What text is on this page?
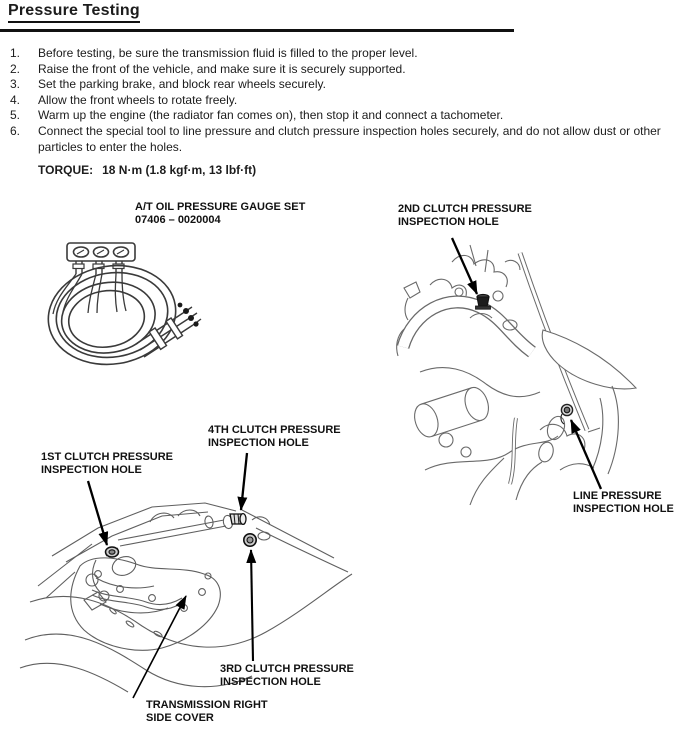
Pressure Testing
1.	Before testing, be sure the transmission fluid is filled to the proper level.
2.	Raise the front of the vehicle, and make sure it is securely supported.
3.	Set the parking brake, and block rear wheels securely.
4.	Allow the front wheels to rotate freely.
5.	Warm up the engine (the radiator fan comes on), then stop it and connect a tachometer.
6.	Connect the special tool to line pressure and clutch pressure inspection holes securely, and do not allow dust or other particles to enter the holes.
TORQUE: 18 N·m (1.8 kgf·m, 13 lbf·ft)
A/T OIL PRESSURE GAUGE SET
07406 – 0020004
2ND CLUTCH PRESSURE
INSPECTION HOLE
LINE PRESSURE
INSPECTION HOLE
1ST CLUTCH PRESSURE
INSPECTION HOLE
4TH CLUTCH PRESSURE
INSPECTION HOLE
3RD CLUTCH PRESSURE
INSPECTION HOLE
TRANSMISSION RIGHT
SIDE COVER
